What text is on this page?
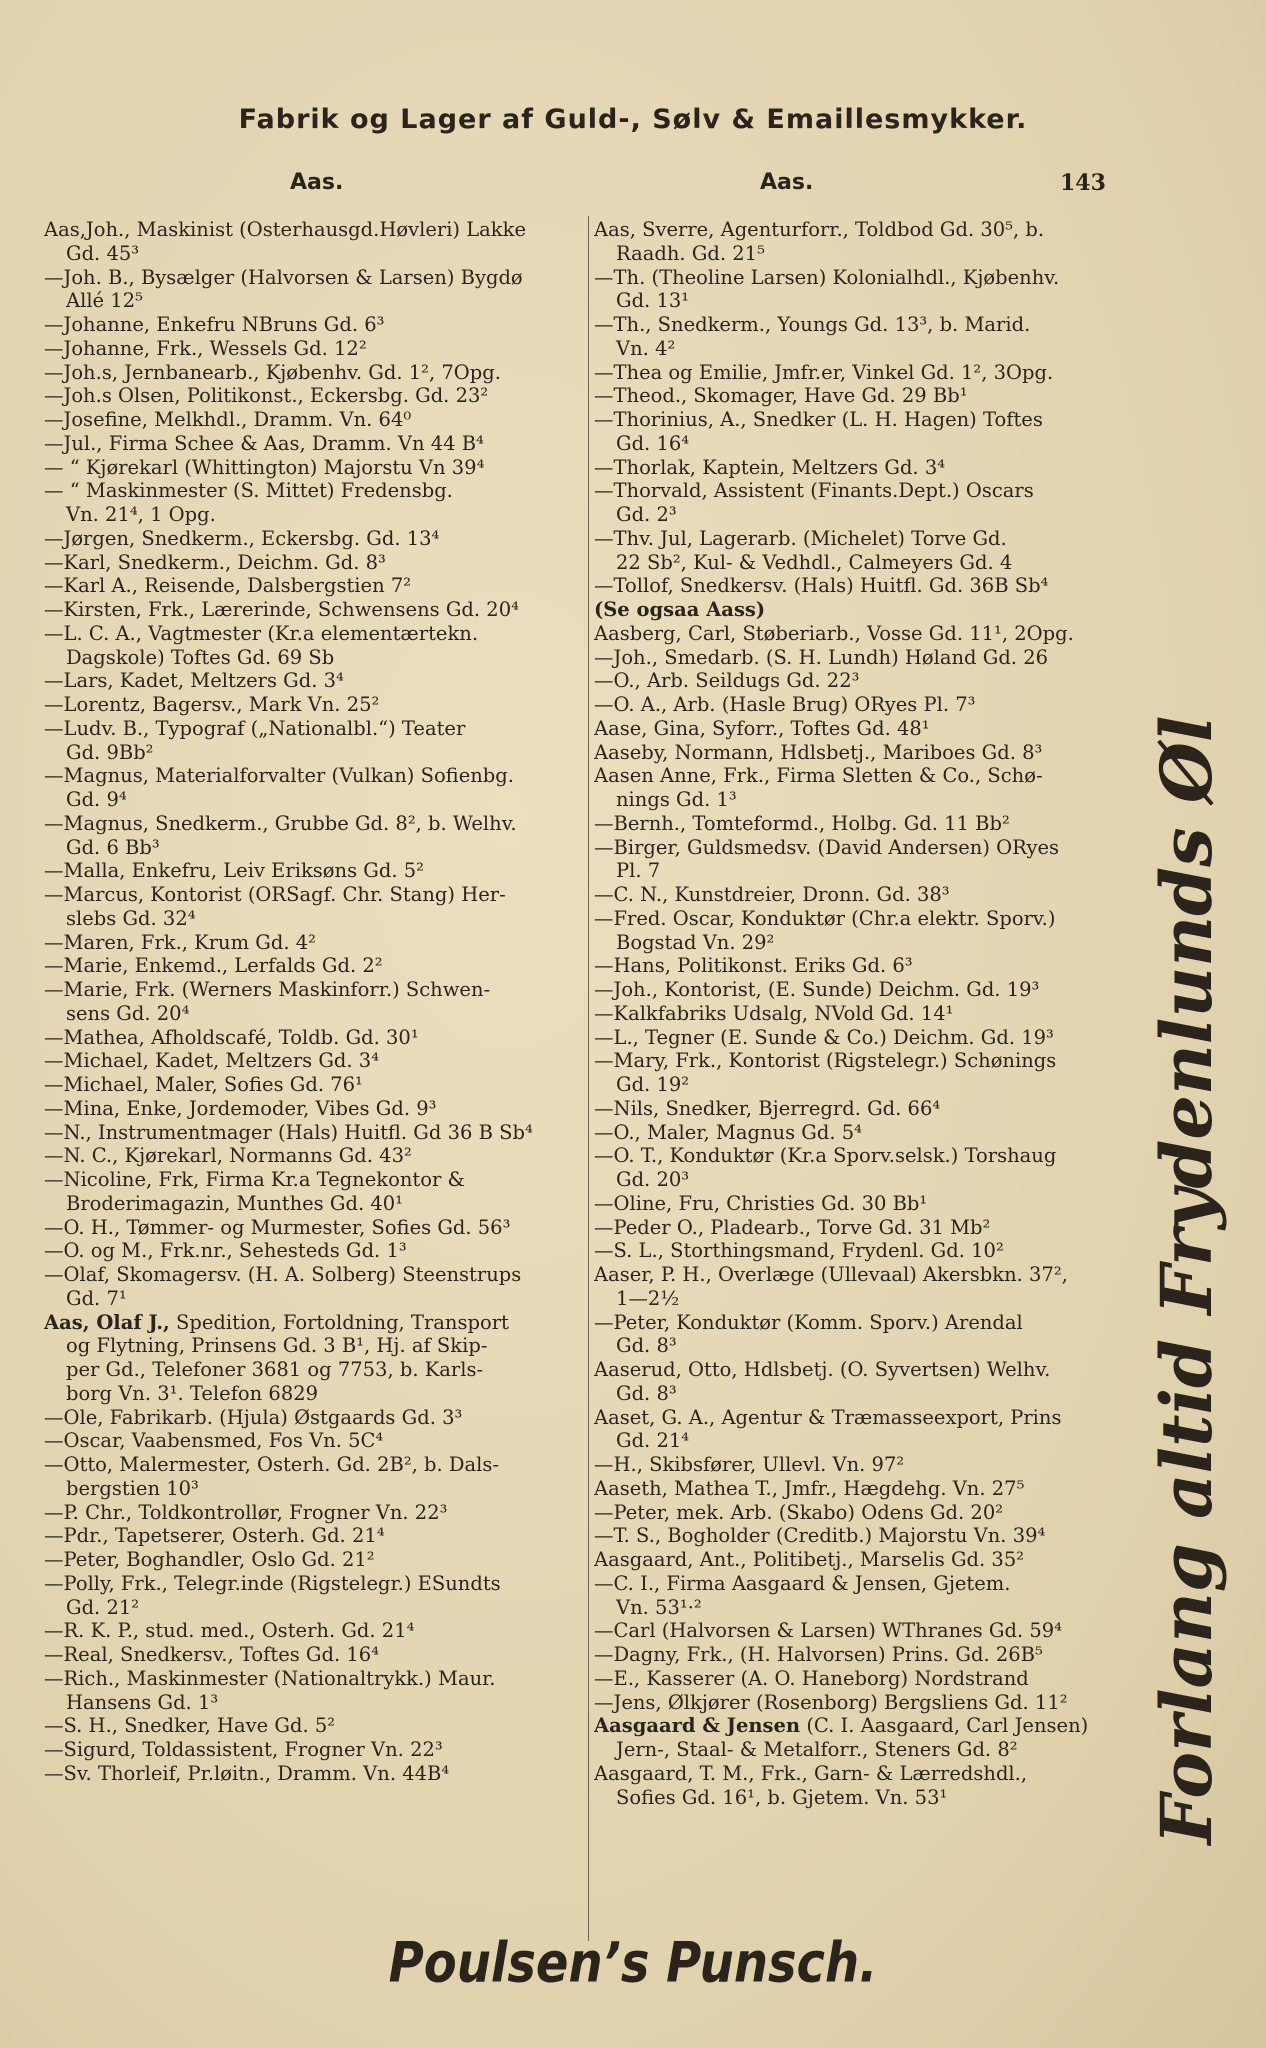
Fabrik og Lager af Guld-, Sølv & Emaillesmykker.
Aas.	Aas.	143
Aas,Joh., Maskinist (Osterhausgd.Høvleri) Lakke
Gd. 45³
—Joh. B., Bysælger (Halvorsen & Larsen) Bygdø
Allé 12⁵
—Johanne, Enkefru NBruns Gd. 6³
—Johanne, Frk., Wessels Gd. 12²
—Joh.s, Jernbanearb., Kjøbenhv. Gd. 1², 7Opg.
—Joh.s Olsen, Politikonst., Eckersbg. Gd. 23²
—Josefine, Melkhdl., Dramm. Vn. 64⁰
—Jul., Firma Schee & Aas, Dramm. Vn 44 B⁴
— “ Kjørekarl (Whittington) Majorstu Vn 39⁴
— “ Maskinmester (S. Mittet) Fredensbg.
Vn. 21⁴, 1 Opg.
—Jørgen, Snedkerm., Eckersbg. Gd. 13⁴
—Karl, Snedkerm., Deichm. Gd. 8³
—Karl A., Reisende, Dalsbergstien 7²
—Kirsten, Frk., Lærerinde, Schwensens Gd. 20⁴
—L. C. A., Vagtmester (Kr.a elementærtekn.
Dagskole) Toftes Gd. 69 Sb
—Lars, Kadet, Meltzers Gd. 3⁴
—Lorentz, Bagersv., Mark Vn. 25²
—Ludv. B., Typograf („Nationalbl.“) Teater
Gd. 9Bb²
—Magnus, Materialforvalter (Vulkan) Sofienbg.
Gd. 9⁴
—Magnus, Snedkerm., Grubbe Gd. 8², b. Welhv.
Gd. 6 Bb³
—Malla, Enkefru, Leiv Eriksøns Gd. 5²
—Marcus, Kontorist (ORSagf. Chr. Stang) Her-
slebs Gd. 32⁴
—Maren, Frk., Krum Gd. 4²
—Marie, Enkemd., Lerfalds Gd. 2²
—Marie, Frk. (Werners Maskinforr.) Schwen-
sens Gd. 20⁴
—Mathea, Afholdscafé, Toldb. Gd. 30¹
—Michael, Kadet, Meltzers Gd. 3⁴
—Michael, Maler, Sofies Gd. 76¹
—Mina, Enke, Jordemoder, Vibes Gd. 9³
—N., Instrumentmager (Hals) Huitfl. Gd 36 B Sb⁴
—N. C., Kjørekarl, Normanns Gd. 43²
—Nicoline, Frk, Firma Kr.a Tegnekontor &
Broderimagazin, Munthes Gd. 40¹
—O. H., Tømmer- og Murmester, Sofies Gd. 56³
—O. og M., Frk.nr., Sehesteds Gd. 1³
—Olaf, Skomagersv. (H. A. Solberg) Steenstrups
Gd. 7¹
Aas, Olaf J., Spedition, Fortoldning, Transport
og Flytning, Prinsens Gd. 3 B¹, Hj. af Skip-
per Gd., Telefoner 3681 og 7753, b. Karls-
borg Vn. 3¹. Telefon 6829
—Ole, Fabrikarb. (Hjula) Østgaards Gd. 3³
—Oscar, Vaabensmed, Fos Vn. 5C⁴
—Otto, Malermester, Osterh. Gd. 2B², b. Dals-
bergstien 10³
—P. Chr., Toldkontrollør, Frogner Vn. 22³
—Pdr., Tapetserer, Osterh. Gd. 21⁴
—Peter, Boghandler, Oslo Gd. 21²
—Polly, Frk., Telegr.inde (Rigstelegr.) ESundts
Gd. 21²
—R. K. P., stud. med., Osterh. Gd. 21⁴
—Real, Snedkersv., Toftes Gd. 16⁴
—Rich., Maskinmester (Nationaltrykk.) Maur.
Hansens Gd. 1³
—S. H., Snedker, Have Gd. 5²
—Sigurd, Toldassistent, Frogner Vn. 22³
—Sv. Thorleif, Pr.løitn., Dramm. Vn. 44B⁴
Aas, Sverre, Agenturforr., Toldbod Gd. 30⁵, b.
Raadh. Gd. 21⁵
—Th. (Theoline Larsen) Kolonialhdl., Kjøbenhv.
Gd. 13¹
—Th., Snedkerm., Youngs Gd. 13³, b. Marid.
Vn. 4²
—Thea og Emilie, Jmfr.er, Vinkel Gd. 1², 3Opg.
—Theod., Skomager, Have Gd. 29 Bb¹
—Thorinius, A., Snedker (L. H. Hagen) Toftes
Gd. 16⁴
—Thorlak, Kaptein, Meltzers Gd. 3⁴
—Thorvald, Assistent (Finants.Dept.) Oscars
Gd. 2³
—Thv. Jul, Lagerarb. (Michelet) Torve Gd.
22 Sb², Kul- & Vedhdl., Calmeyers Gd. 4
—Tollof, Snedkersv. (Hals) Huitfl. Gd. 36B Sb⁴
(Se ogsaa Aass)
Aasberg, Carl, Støberiarb., Vosse Gd. 11¹, 2Opg.
—Joh., Smedarb. (S. H. Lundh) Høland Gd. 26
—O., Arb. Seildugs Gd. 22³
—O. A., Arb. (Hasle Brug) ORyes Pl. 7³
Aase, Gina, Syforr., Toftes Gd. 48¹
Aaseby, Normann, Hdlsbetj., Mariboes Gd. 8³
Aasen Anne, Frk., Firma Sletten & Co., Schø-
nings Gd. 1³
—Bernh., Tomteformd., Holbg. Gd. 11 Bb²
—Birger, Guldsmedsv. (David Andersen) ORyes
Pl. 7
—C. N., Kunstdreier, Dronn. Gd. 38³
—Fred. Oscar, Konduktør (Chr.a elektr. Sporv.)
Bogstad Vn. 29²
—Hans, Politikonst. Eriks Gd. 6³
—Joh., Kontorist, (E. Sunde) Deichm. Gd. 19³
—Kalkfabriks Udsalg, NVold Gd. 14¹
—L., Tegner (E. Sunde & Co.) Deichm. Gd. 19³
—Mary, Frk., Kontorist (Rigstelegr.) Schønings
Gd. 19²
—Nils, Snedker, Bjerregrd. Gd. 66⁴
—O., Maler, Magnus Gd. 5⁴
—O. T., Konduktør (Kr.a Sporv.selsk.) Torshaug
Gd. 20³
—Oline, Fru, Christies Gd. 30 Bb¹
—Peder O., Pladearb., Torve Gd. 31 Mb²
—S. L., Storthingsmand, Frydenl. Gd. 10²
Aaser, P. H., Overlæge (Ullevaal) Akersbkn. 37²,
1—2½
—Peter, Konduktør (Komm. Sporv.) Arendal
Gd. 8³
Aaserud, Otto, Hdlsbetj. (O. Syvertsen) Welhv.
Gd. 8³
Aaset, G. A., Agentur & Træmasseexport, Prins
Gd. 21⁴
—H., Skibsfører, Ullevl. Vn. 97²
Aaseth, Mathea T., Jmfr., Hægdehg. Vn. 27⁵
—Peter, mek. Arb. (Skabo) Odens Gd. 20²
—T. S., Bogholder (Creditb.) Majorstu Vn. 39⁴
Aasgaard, Ant., Politibetj., Marselis Gd. 35²
—C. I., Firma Aasgaard & Jensen, Gjetem.
Vn. 53¹·²
—Carl (Halvorsen & Larsen) WThranes Gd. 59⁴
—Dagny, Frk., (H. Halvorsen) Prins. Gd. 26B⁵
—E., Kasserer (A. O. Haneborg) Nordstrand
—Jens, Ølkjører (Rosenborg) Bergsliens Gd. 11²
Aasgaard & Jensen (C. I. Aasgaard, Carl Jensen)
Jern-, Staal- & Metalforr., Steners Gd. 8²
Aasgaard, T. M., Frk., Garn- & Lærredshdl.,
Sofies Gd. 16¹, b. Gjetem. Vn. 53¹	Forlang altid Frydenlunds Øl
Poulsen’s Punsch.
